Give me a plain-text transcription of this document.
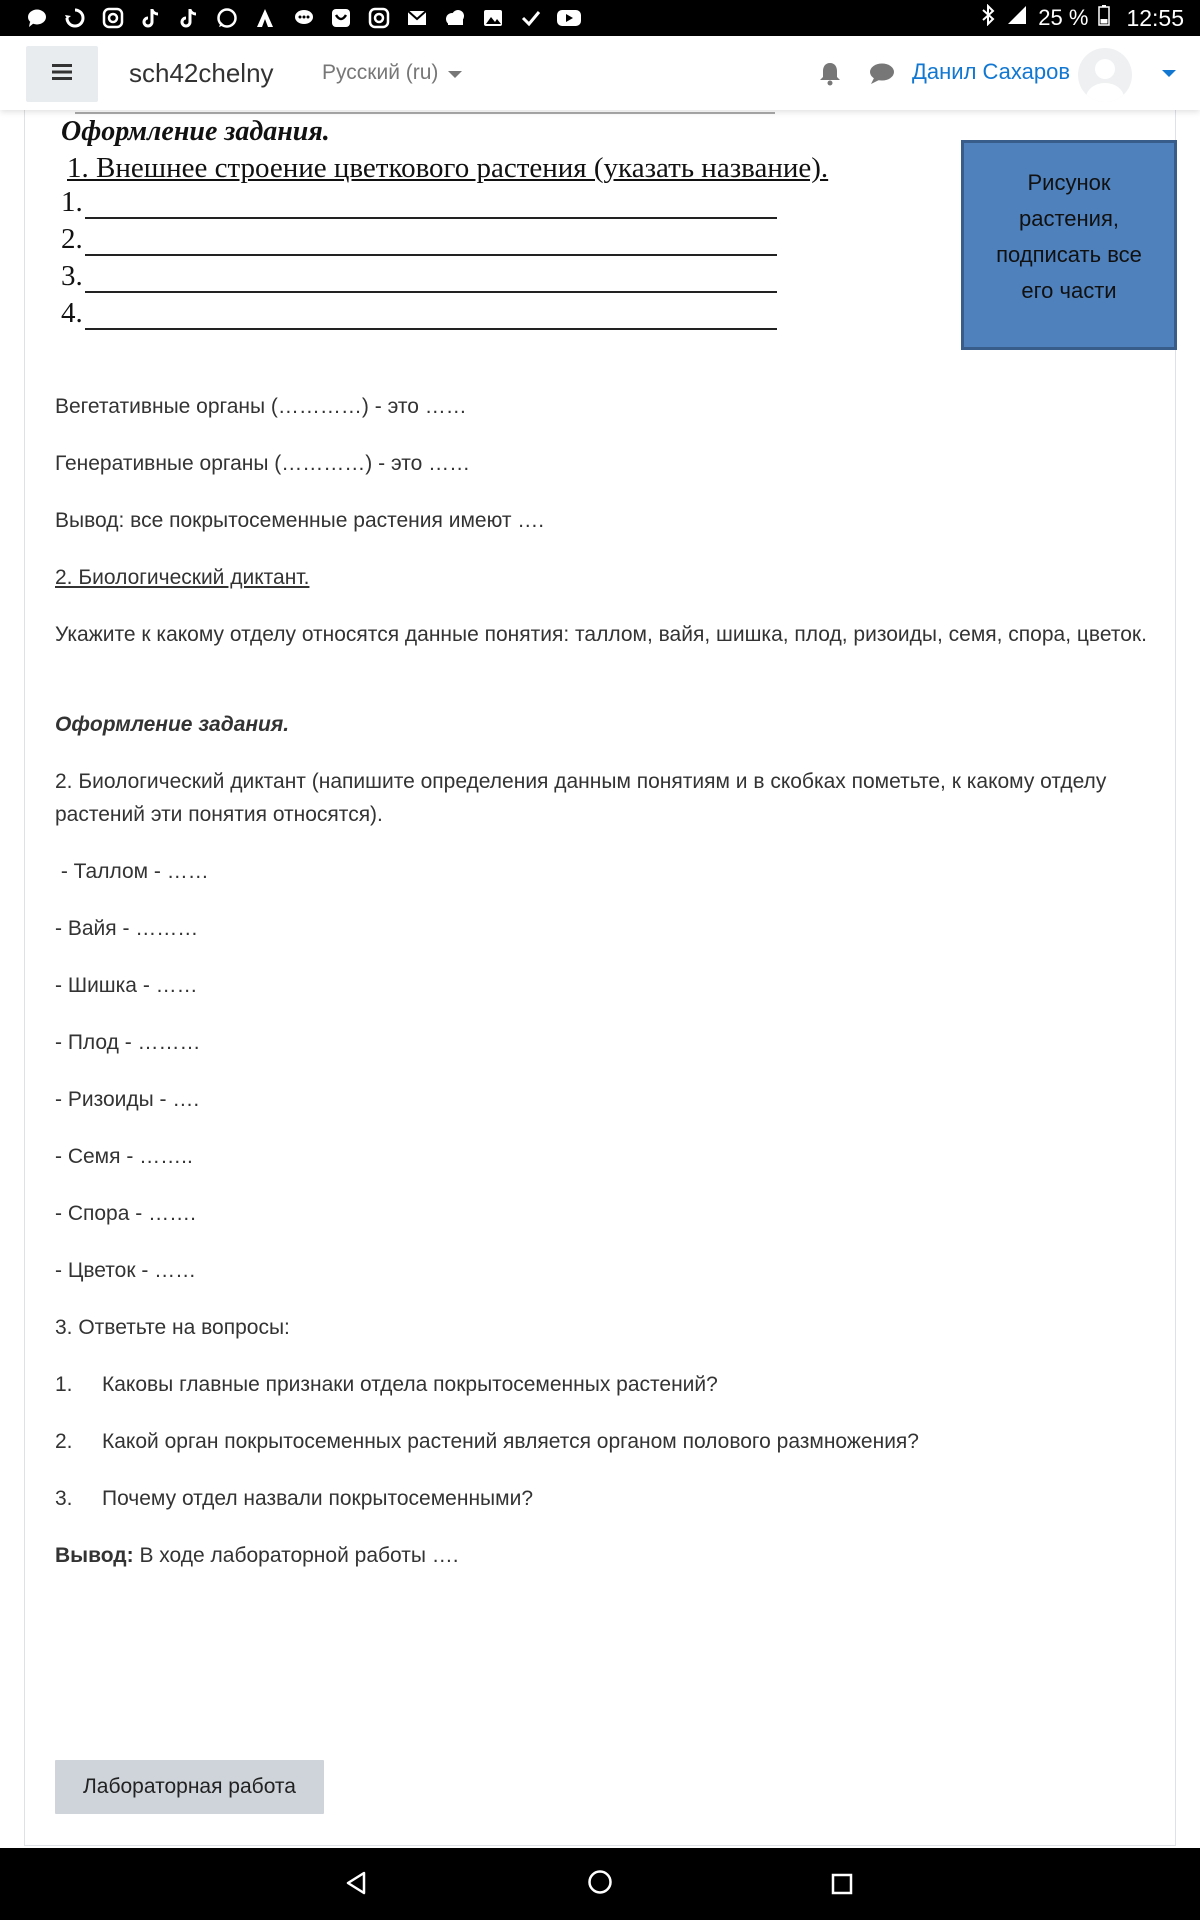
25 % 12:55
sch42chelny Русский (ru)	Данил Сахаров
Оформление задания.
1. Внешнее строение цветкового растения (указать название).
1.
2.
3.
4.
Рисунок растения, подписать все его части
Вегетативные органы (…………) - это ……
Генеративные органы (…………) - это ……
Вывод: все покрытосеменные растения имеют ….
2. Биологический диктант.
Укажите к какому отделу относятся данные понятия: таллом, вайя, шишка, плод, ризоиды, семя, спора, цветок.
Оформление задания.
2. Биологический диктант (напишите определения данным понятиям и в скобках пометьте, к какому отделу растений эти понятия относятся).
- Таллом - ……
- Вайя - ………
- Шишка - ……
- Плод - ………
- Ризоиды - ….
- Семя - ……..
- Спора - …….
- Цветок - ……
3. Ответьте на вопросы:
1. Каковы главные признаки отдела покрытосеменных растений?
2. Какой орган покрытосеменных растений является органом полового размножения?
3. Почему отдел назвали покрытосеменными?
Вывод: В ходе лабораторной работы ….
Лабораторная работа
